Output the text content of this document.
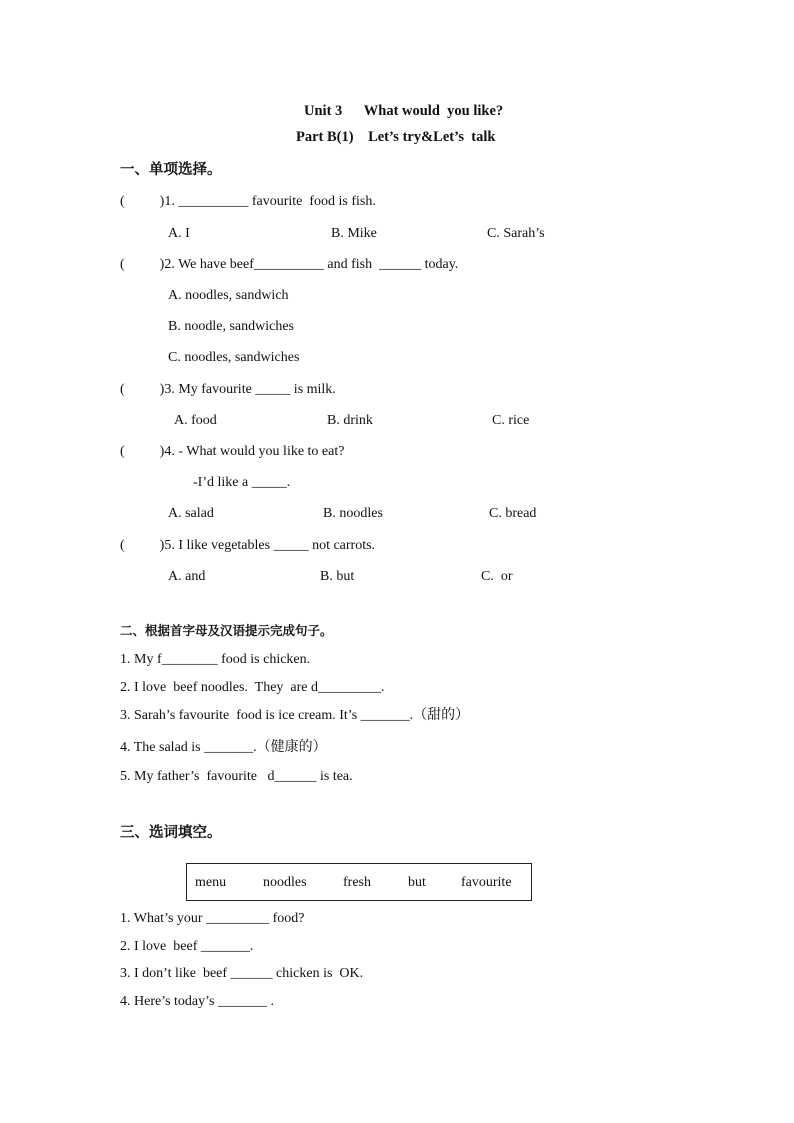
Unit 3      What would  you like?
Part B(1)    Let’s try&Let’s  talk
一、单项选择。
(          )1. __________ favourite  food is fish.
A. I	B. Mike	C. Sarah’s
(          )2. We have beef__________ and fish  ______ today.
A. noodles, sandwich
B. noodle, sandwiches
C. noodles, sandwiches
(          )3. My favourite _____ is milk.
A. food	B. drink	C. rice
(          )4. - What would you like to eat?
-I’d like a _____.
A. salad	B. noodles	C. bread
(          )5. I like vegetables _____ not carrots.
A. and	B. but	C.  or
二、根据首字母及汉语提示完成句子。
1. My f________ food is chicken.
2. I love  beef noodles.  They  are d_________.
3. Sarah’s favourite  food is ice cream. It’s _______.（甜的）
4. The salad is _______.（健康的）
5. My father’s  favourite   d______ is tea.
三、选词填空。
menu	noodles	fresh	but	favourite
1. What’s your _________ food?
2. I love  beef _______.
3. I don’t like  beef ______ chicken is  OK.
4. Here’s today’s _______ .
